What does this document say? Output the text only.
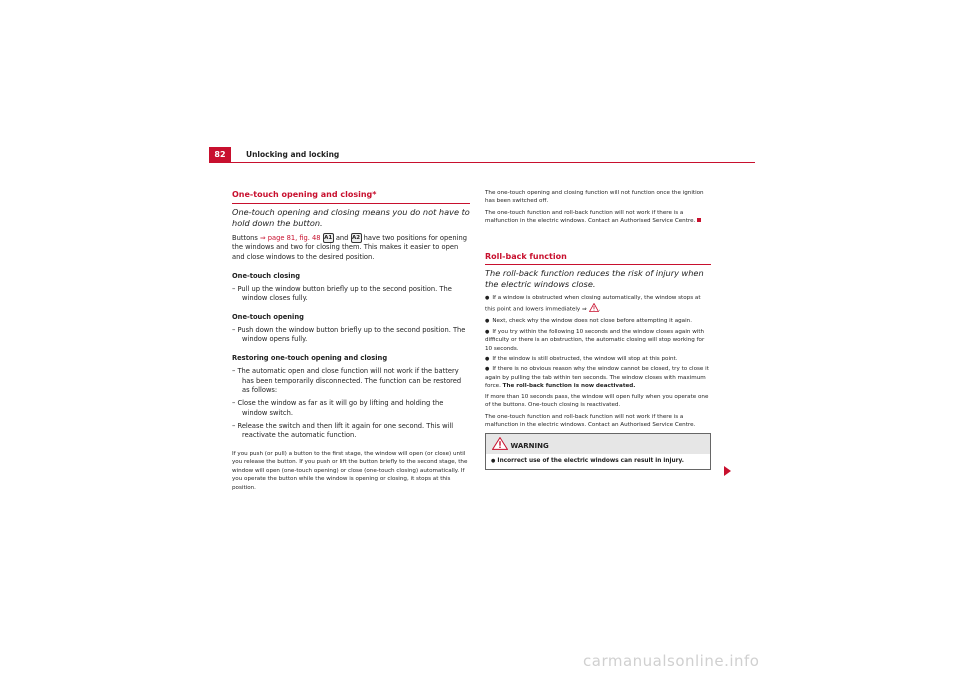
82	Unlocking and locking
One-touch opening and closing*
One-touch opening and closing means you do not have to hold down the button.

Buttons ⇒ page 81, fig. 48 A1 and A2 have two positions for opening the windows and two for closing them. This makes it easier to open and close windows to the desired position.

One-touch closing

– Pull up the window button briefly up to the second position. The window closes fully.

One-touch opening

– Push down the window button briefly up to the second position. The window opens fully.

Restoring one-touch opening and closing

– The automatic open and close function will not work if the battery has been temporarily disconnected. The function can be restored as follows:

– Close the window as far as it will go by lifting and holding the window switch.

– Release the switch and then lift it again for one second. This will reactivate the automatic function.

If you push (or pull) a button to the first stage, the window will open (or close) until you release the button. If you push or lift the button briefly to the second stage, the window will open (one-touch opening) or close (one-touch closing) automatically. If you operate the button while the window is opening or closing, it stops at this position.

The one-touch opening and closing function will not function once the ignition has been switched off.

The one-touch function and roll-back function will not work if there is a malfunction in the electric windows. Contact an Authorised Service Centre.

Roll-back function
The roll-back function reduces the risk of injury when the electric windows close.

● If a window is obstructed when closing automatically, the window stops at this point and lowers immediately ⇒ .

● Next, check why the window does not close before attempting it again.

● If you try within the following 10 seconds and the window closes again with difficulty or there is an obstruction, the automatic closing will stop working for 10 seconds.

● If the window is still obstructed, the window will stop at this point.

● If there is no obvious reason why the window cannot be closed, try to close it again by pulling the tab within ten seconds. The window closes with maximum force. The roll-back function is now deactivated.

If more than 10 seconds pass, the window will open fully when you operate one of the buttons. One-touch closing is reactivated.

The one-touch function and roll-back function will not work if there is a malfunction in the electric windows. Contact an Authorised Service Centre.

WARNING
● Incorrect use of the electric windows can result in injury.
carmanualsonline.info
